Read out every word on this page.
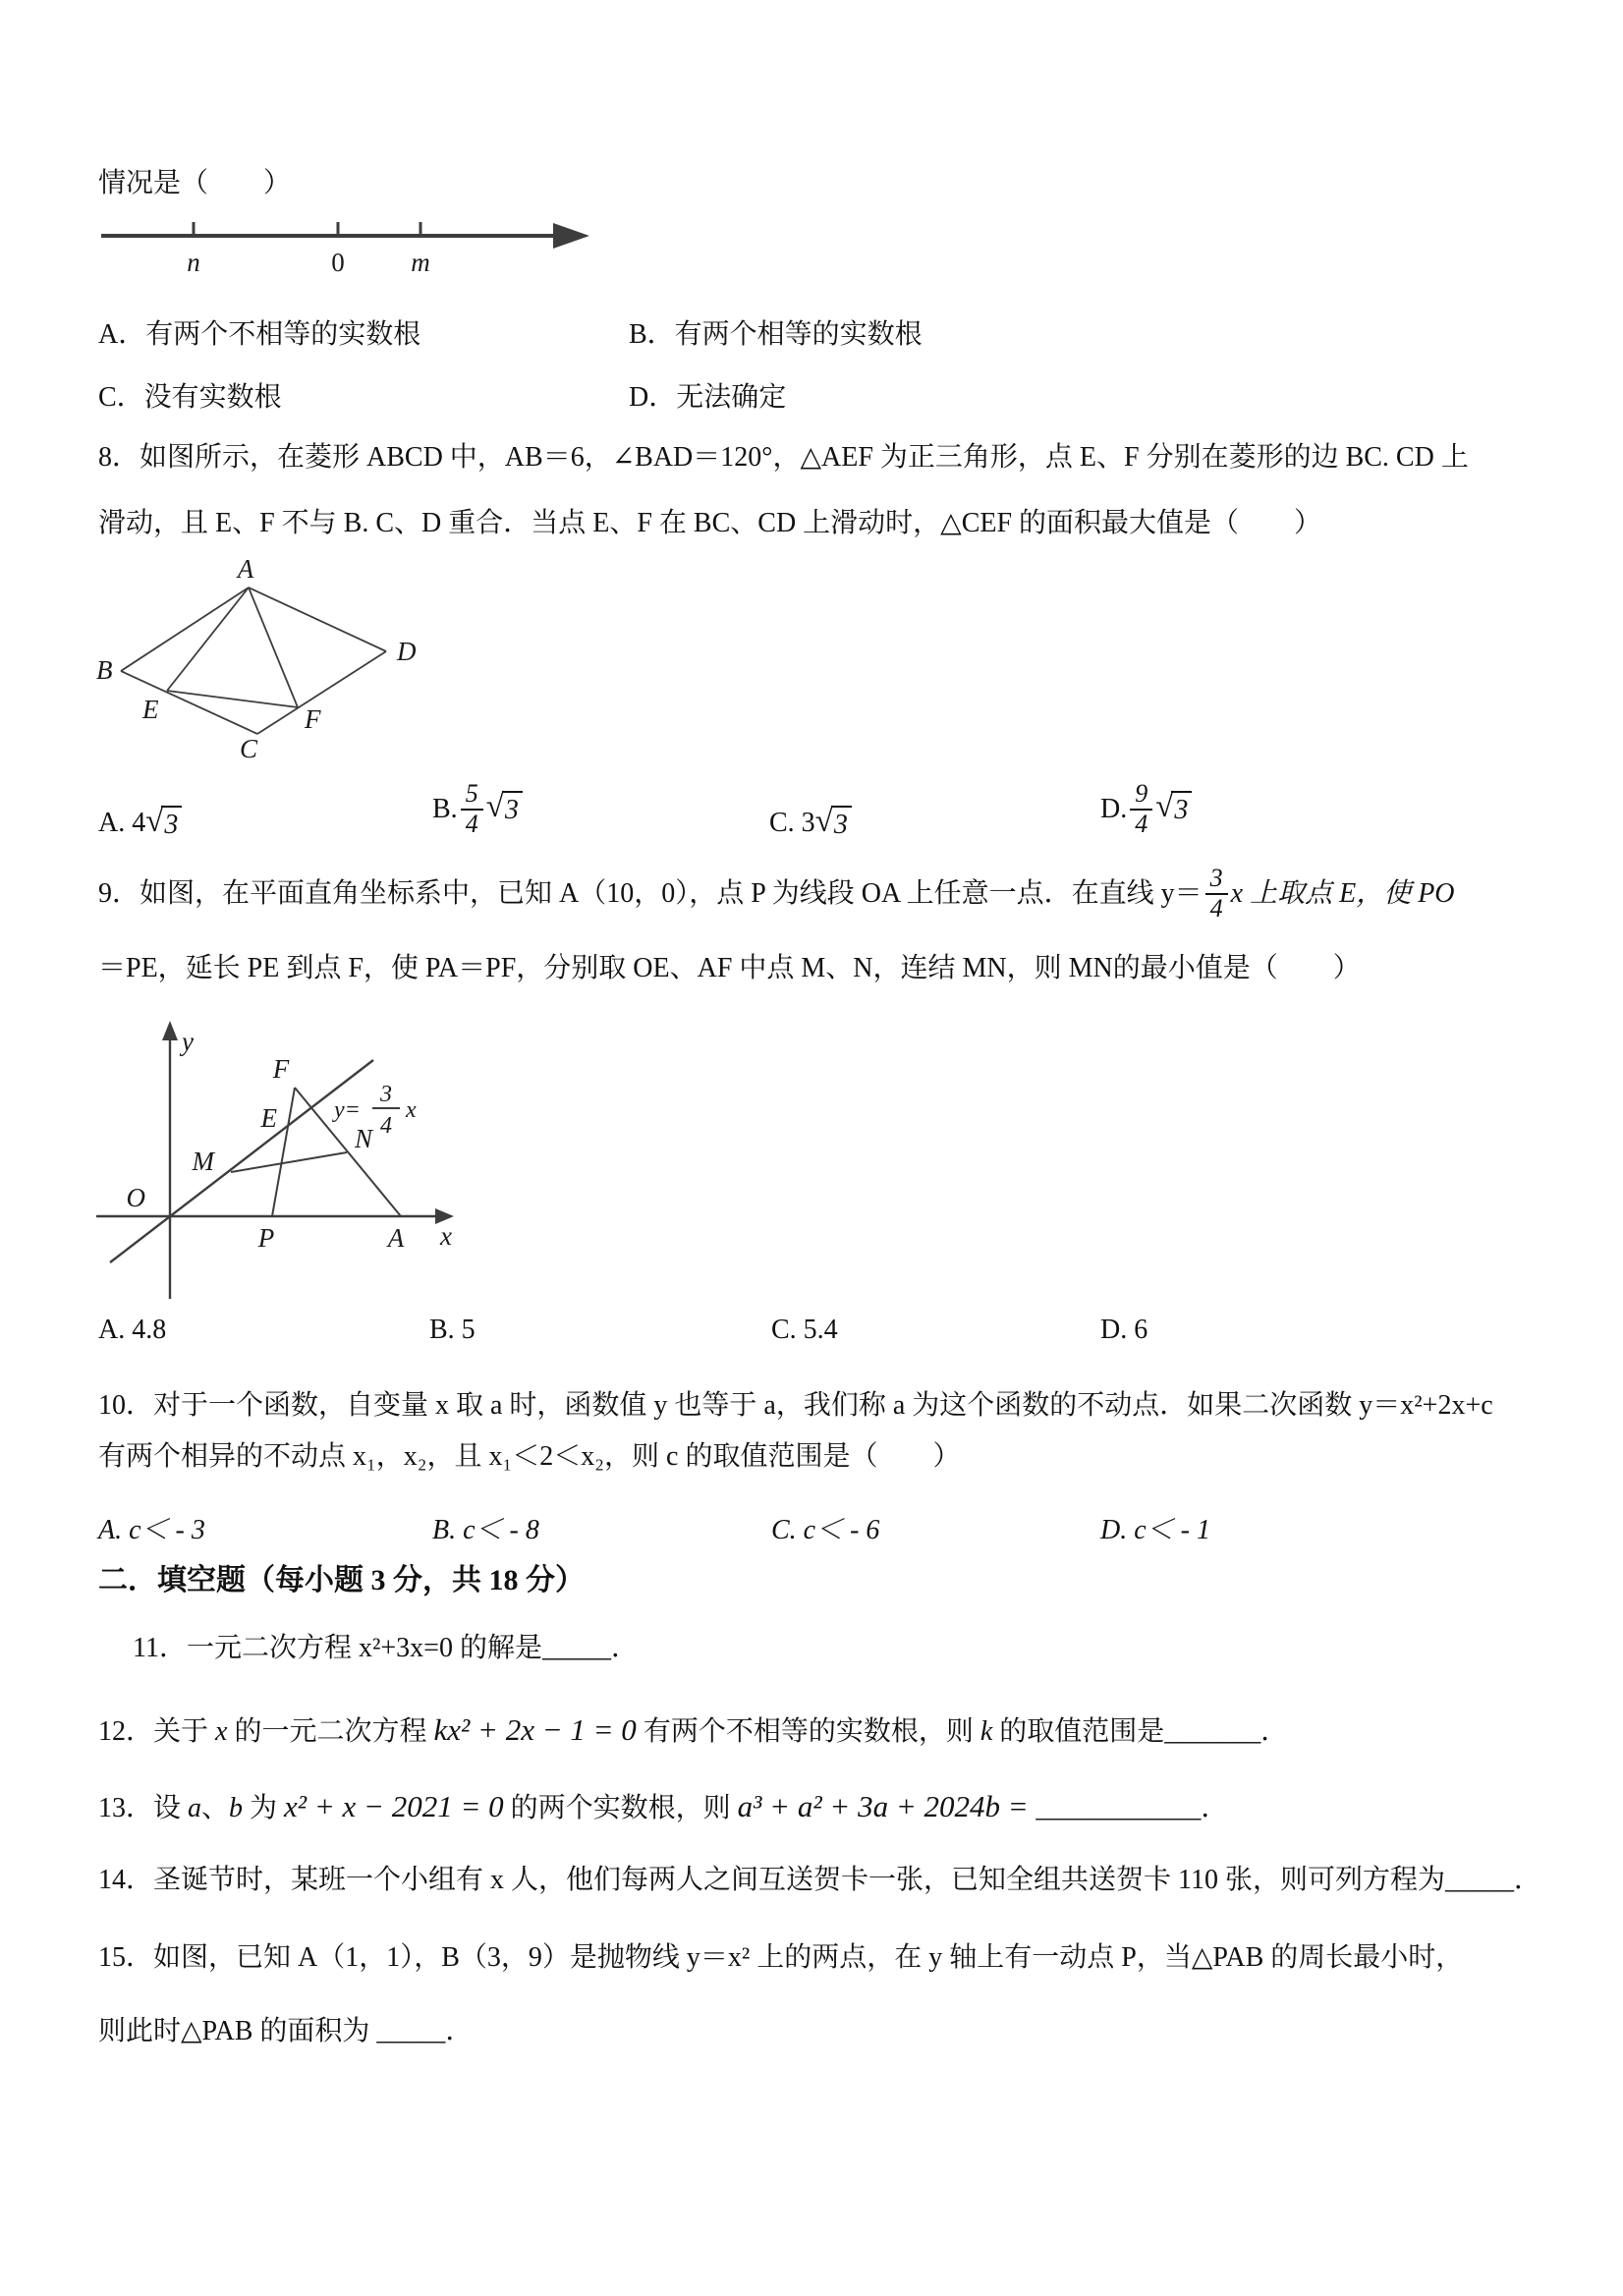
情况是（　　）
n	0	m
A．有两个不相等的实数根	B．有两个相等的实数根
C．没有实数根	D．无法确定
8．如图所示，在菱形 ABCD 中，AB＝6，∠BAD＝120°，△AEF 为正三角形，点 E、F 分别在菱形的边 BC. CD 上
滑动，且 E、F 不与 B. C、D 重合．当点 E、F 在 BC、CD 上滑动时，△CEF 的面积最大值是（　　）
A
B
D
E	F
C
A. 4 √ 3
B. $\frac{5}{4}$ √ 3	C. 3 √ 3
D. $\frac{9}{4}$ √ 3
9．如图，在平面直角坐标系中，已知 A（10，0），点 P 为线段 OA 上任意一点．在直线 $y= \frac{3}{4}$ x 上取点 E，使 PO
＝PE，延长 PE 到点 F，使 PA＝PF，分别取 OE、AF 中点 M、N，连结 MN，则 MN的最小值是（　　）
y
x
O
F
E
M
N
P	A
y=
3
4
x
A. 4.8	B. 5	C. 5.4	D. 6
10．对于一个函数，自变量 x 取 a 时，函数值 y 也等于 a，我们称 a 为这个函数的不动点．如果二次函数 y＝x²+2x+c
有两个相异的不动点 x₁，x₂，且 x₁＜2＜x₂，则 c 的取值范围是（　　）
A. c＜ - 3	B. c＜ - 8	C. c＜ - 6	D. c＜ - 1
二．填空题（每小题 3 分，共 18 分）
11．一元二次方程 x²+3x=0 的解是_____．
12．关于 x 的一元二次方程 kx² + 2x − 1 = 0 有两个不相等的实数根，则 k 的取值范围是_______．
13．设 a 、 b 为 x² + x − 2021 = 0 的两个实数根，则 a³ + a² + 3a + 2024b = ____________ ．
14．圣诞节时，某班一个小组有 x 人，他们每两人之间互送贺卡一张，已知全组共送贺卡 110 张，则可列方程为_____．
15．如图，已知 A（1，1），B（3，9）是抛物线 y＝x² 上的两点，在 y 轴上有一动点 P，当△PAB 的周长最小时，
则此时△PAB 的面积为 _____．
